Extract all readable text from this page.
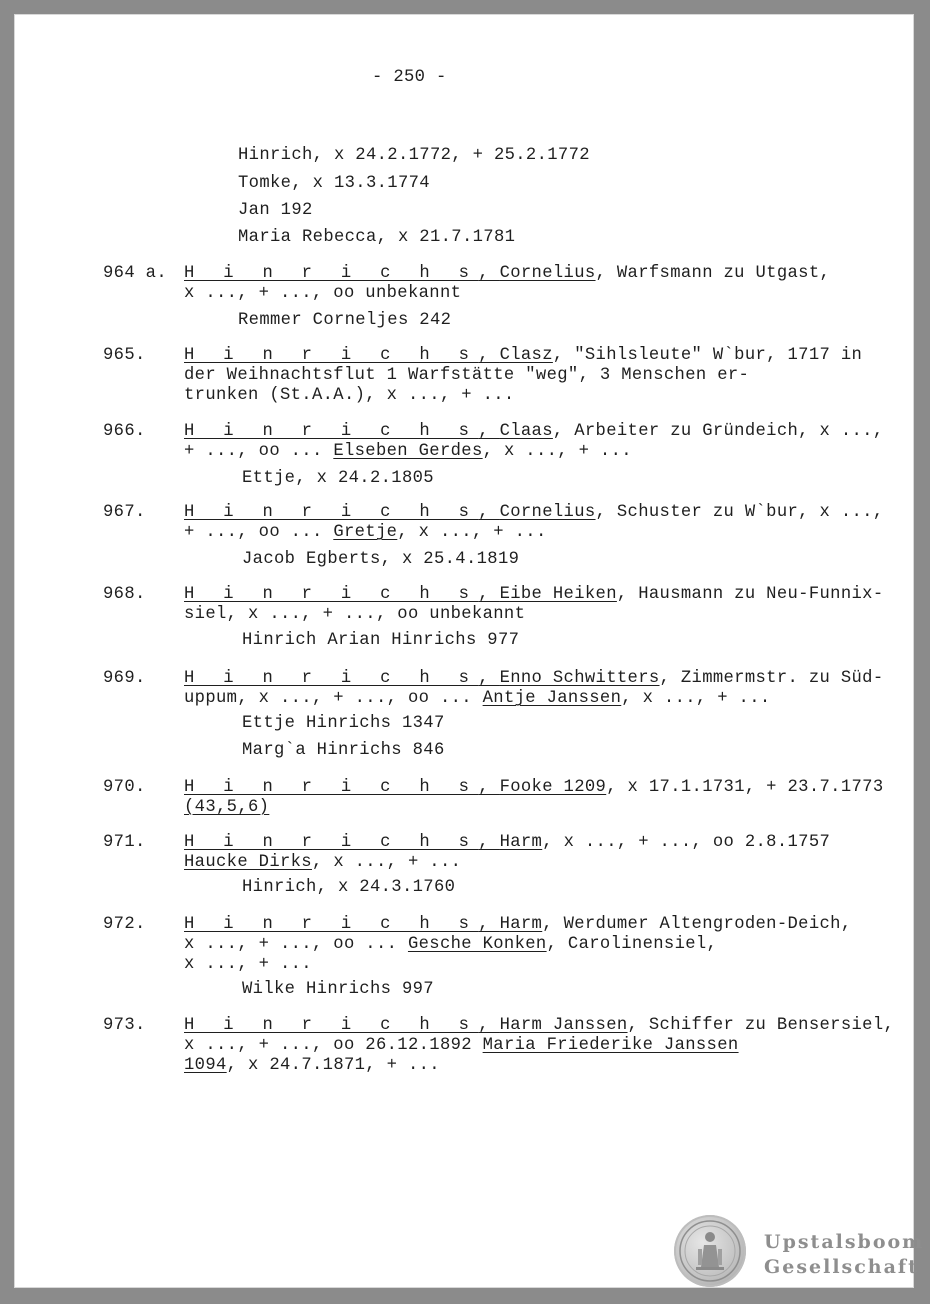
- 250 -
Hinrich, x 24.2.1772, + 25.2.1772
Tomke, x 13.3.1774
Jan 192
Maria Rebecca, x 21.7.1781
964 a. H i n r i c h s, Cornelius, Warfsmann zu Utgast,
x ..., + ..., oo unbekannt
Remmer Corneljes 242
965. H i n r i c h s, Clasz, "Sihlsleute" W`bur, 1717 in
der Weihnachtsflut 1 Warfstätte "weg", 3 Menschen er-
trunken (St.A.A.), x ..., + ...
966. H i n r i c h s, Claas, Arbeiter zu Gründeich, x ...,
+ ..., oo ... Elseben Gerdes, x ..., + ...
Ettje, x 24.2.1805
967. H i n r i c h s, Cornelius, Schuster zu W`bur, x ...,
+ ..., oo ... Gretje, x ..., + ...
Jacob Egberts, x 25.4.1819
968. H i n r i c h s, Eibe Heiken, Hausmann zu Neu-Funnix-
siel, x ..., + ..., oo unbekannt
Hinrich Arian Hinrichs 977
969. H i n r i c h s, Enno Schwitters, Zimmermstr. zu Süd-
uppum, x ..., + ..., oo ... Antje Janssen, x ..., + ...
Ettje Hinrichs 1347
Marg`a Hinrichs 846
970. H i n r i c h s, Fooke 1209, x 17.1.1731, + 23.7.1773
(43,5,6)
971. H i n r i c h s, Harm, x ..., + ..., oo 2.8.1757
Haucke Dirks, x ..., + ...
Hinrich, x 24.3.1760
972. H i n r i c h s, Harm, Werdumer Altengroden-Deich,
x ..., + ..., oo ... Gesche Konken, Carolinensiel,
x ..., + ...
Wilke Hinrichs 997
973. H i n r i c h s, Harm Janssen, Schiffer zu Bensersiel,
x ..., + ..., oo 26.12.1892 Maria Friederike Janssen
1094, x 24.7.1871, + ...
Upstalsboom
Gesellschaft
